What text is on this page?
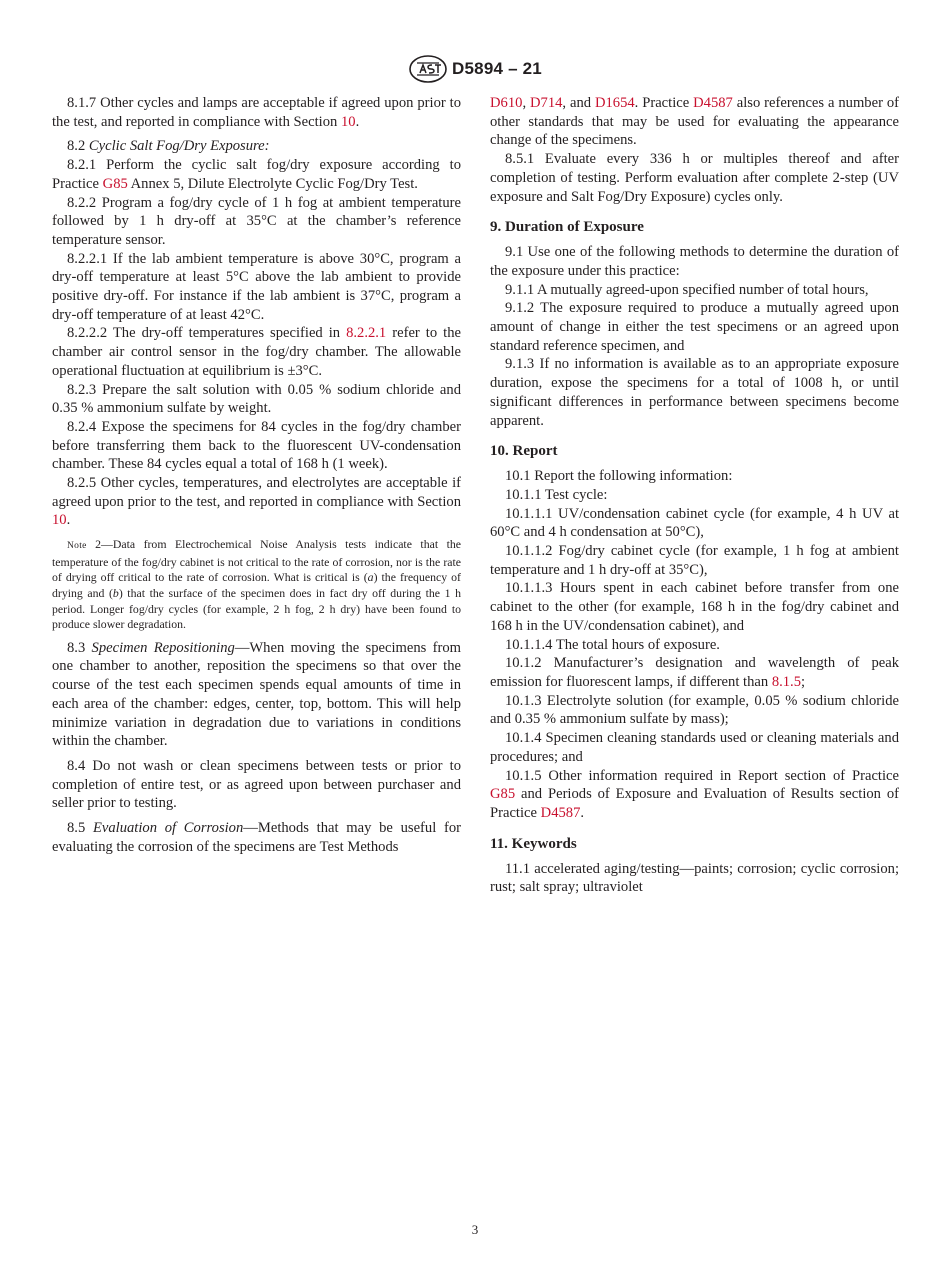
D5894 – 21

8.1.7 Other cycles and lamps are acceptable if agreed upon prior to the test, and reported in compliance with Section 10.

8.2 Cyclic Salt Fog/Dry Exposure:

8.2.1 Perform the cyclic salt fog/dry exposure according to Practice G85 Annex 5, Dilute Electrolyte Cyclic Fog/Dry Test.

8.2.2 Program a fog/dry cycle of 1 h fog at ambient temperature followed by 1 h dry-off at 35°C at the chamber’s reference temperature sensor.

8.2.2.1 If the lab ambient temperature is above 30°C, program a dry-off temperature at least 5°C above the lab ambient to provide positive dry-off. For instance if the lab ambient is 37°C, program a dry-off temperature of at least 42°C.

8.2.2.2 The dry-off temperatures specified in 8.2.2.1 refer to the chamber air control sensor in the fog/dry chamber. The allowable operational fluctuation at equilibrium is ±3°C.

8.2.3 Prepare the salt solution with 0.05 % sodium chloride and 0.35 % ammonium sulfate by weight.

8.2.4 Expose the specimens for 84 cycles in the fog/dry chamber before transferring them back to the fluorescent UV-condensation chamber. These 84 cycles equal a total of 168 h (1 week).

8.2.5 Other cycles, temperatures, and electrolytes are acceptable if agreed upon prior to the test, and reported in compliance with Section 10.

Note 2—Data from Electrochemical Noise Analysis tests indicate that the temperature of the fog/dry cabinet is not critical to the rate of corrosion, nor is the rate of drying off critical to the rate of corrosion. What is critical is (a) the frequency of drying and (b) that the surface of the specimen does in fact dry off during the 1 h period. Longer fog/dry cycles (for example, 2 h fog, 2 h dry) have been found to produce slower degradation.

8.3 Specimen Repositioning—When moving the specimens from one chamber to another, reposition the specimens so that over the course of the test each specimen spends equal amounts of time in each area of the chamber: edges, center, top, bottom. This will help minimize variation in degradation due to variations in conditions within the chamber.

8.4 Do not wash or clean specimens between tests or prior to completion of entire test, or as agreed upon between purchaser and seller prior to testing.

8.5 Evaluation of Corrosion—Methods that may be useful for evaluating the corrosion of the specimens are Test Methods

D610, D714, and D1654. Practice D4587 also references a number of other standards that may be used for evaluating the appearance change of the specimens.

8.5.1 Evaluate every 336 h or multiples thereof and after completion of testing. Perform evaluation after complete 2-step (UV exposure and Salt Fog/Dry Exposure) cycles only.

9. Duration of Exposure

9.1 Use one of the following methods to determine the duration of the exposure under this practice:

9.1.1 A mutually agreed-upon specified number of total hours,

9.1.2 The exposure required to produce a mutually agreed upon amount of change in either the test specimens or an agreed upon standard reference specimen, and

9.1.3 If no information is available as to an appropriate exposure duration, expose the specimens for a total of 1008 h, or until significant differences in performance between specimens become apparent.

10. Report

10.1 Report the following information:

10.1.1 Test cycle:

10.1.1.1 UV/condensation cabinet cycle (for example, 4 h UV at 60°C and 4 h condensation at 50°C),

10.1.1.2 Fog/dry cabinet cycle (for example, 1 h fog at ambient temperature and 1 h dry-off at 35°C),

10.1.1.3 Hours spent in each cabinet before transfer from one cabinet to the other (for example, 168 h in the fog/dry cabinet and 168 h in the UV/condensation cabinet), and

10.1.1.4 The total hours of exposure.

10.1.2 Manufacturer’s designation and wavelength of peak emission for fluorescent lamps, if different than 8.1.5;

10.1.3 Electrolyte solution (for example, 0.05 % sodium chloride and 0.35 % ammonium sulfate by mass);

10.1.4 Specimen cleaning standards used or cleaning materials and procedures; and

10.1.5 Other information required in Report section of Practice G85 and Periods of Exposure and Evaluation of Results section of Practice D4587.

11. Keywords

11.1 accelerated aging/testing—paints; corrosion; cyclic corrosion; rust; salt spray; ultraviolet

3
